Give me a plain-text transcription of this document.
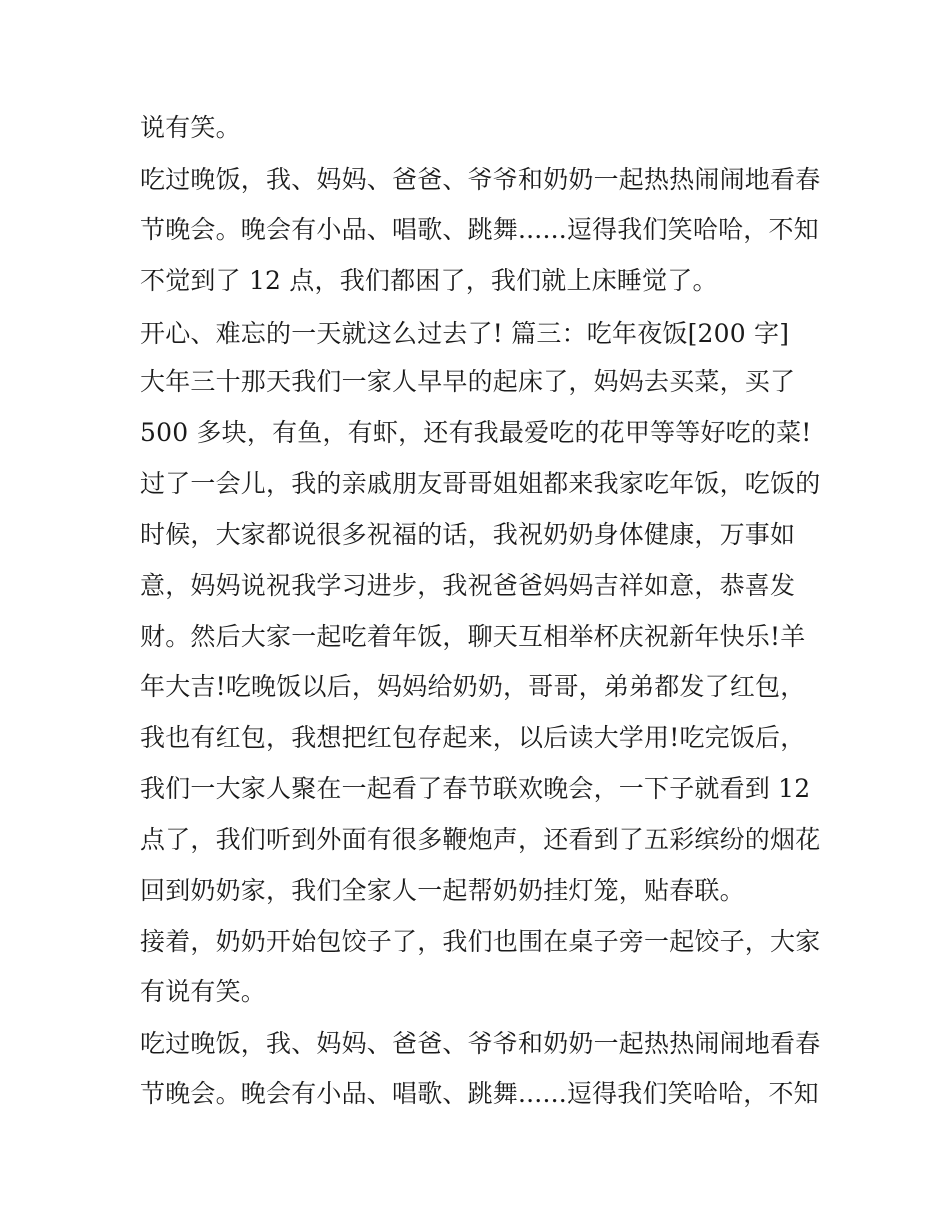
说有笑。

吃过晚饭，我、妈妈、爸爸、爷爷和奶奶一起热热闹闹地看春

节晚会。晚会有小品、唱歌、跳舞......逗得我们笑哈哈，不知

不觉到了 12 点，我们都困了，我们就上床睡觉了。

开心、难忘的一天就这么过去了! 篇三：吃年夜饭[200 字]

大年三十那天我们一家人早早的起床了，妈妈去买菜，买了

500 多块，有鱼，有虾，还有我最爱吃的花甲等等好吃的菜!

过了一会儿，我的亲戚朋友哥哥姐姐都来我家吃年饭，吃饭的

时候，大家都说很多祝福的话，我祝奶奶身体健康，万事如

意，妈妈说祝我学习进步，我祝爸爸妈妈吉祥如意，恭喜发

财。然后大家一起吃着年饭，聊天互相举杯庆祝新年快乐!羊

年大吉!吃晚饭以后，妈妈给奶奶，哥哥，弟弟都发了红包，

我也有红包，我想把红包存起来，以后读大学用!吃完饭后，

我们一大家人聚在一起看了春节联欢晚会，一下子就看到 12

点了，我们听到外面有很多鞭炮声，还看到了五彩缤纷的烟花

回到奶奶家，我们全家人一起帮奶奶挂灯笼，贴春联。

接着，奶奶开始包饺子了，我们也围在桌子旁一起饺子，大家

有说有笑。

吃过晚饭，我、妈妈、爸爸、爷爷和奶奶一起热热闹闹地看春

节晚会。晚会有小品、唱歌、跳舞......逗得我们笑哈哈，不知
